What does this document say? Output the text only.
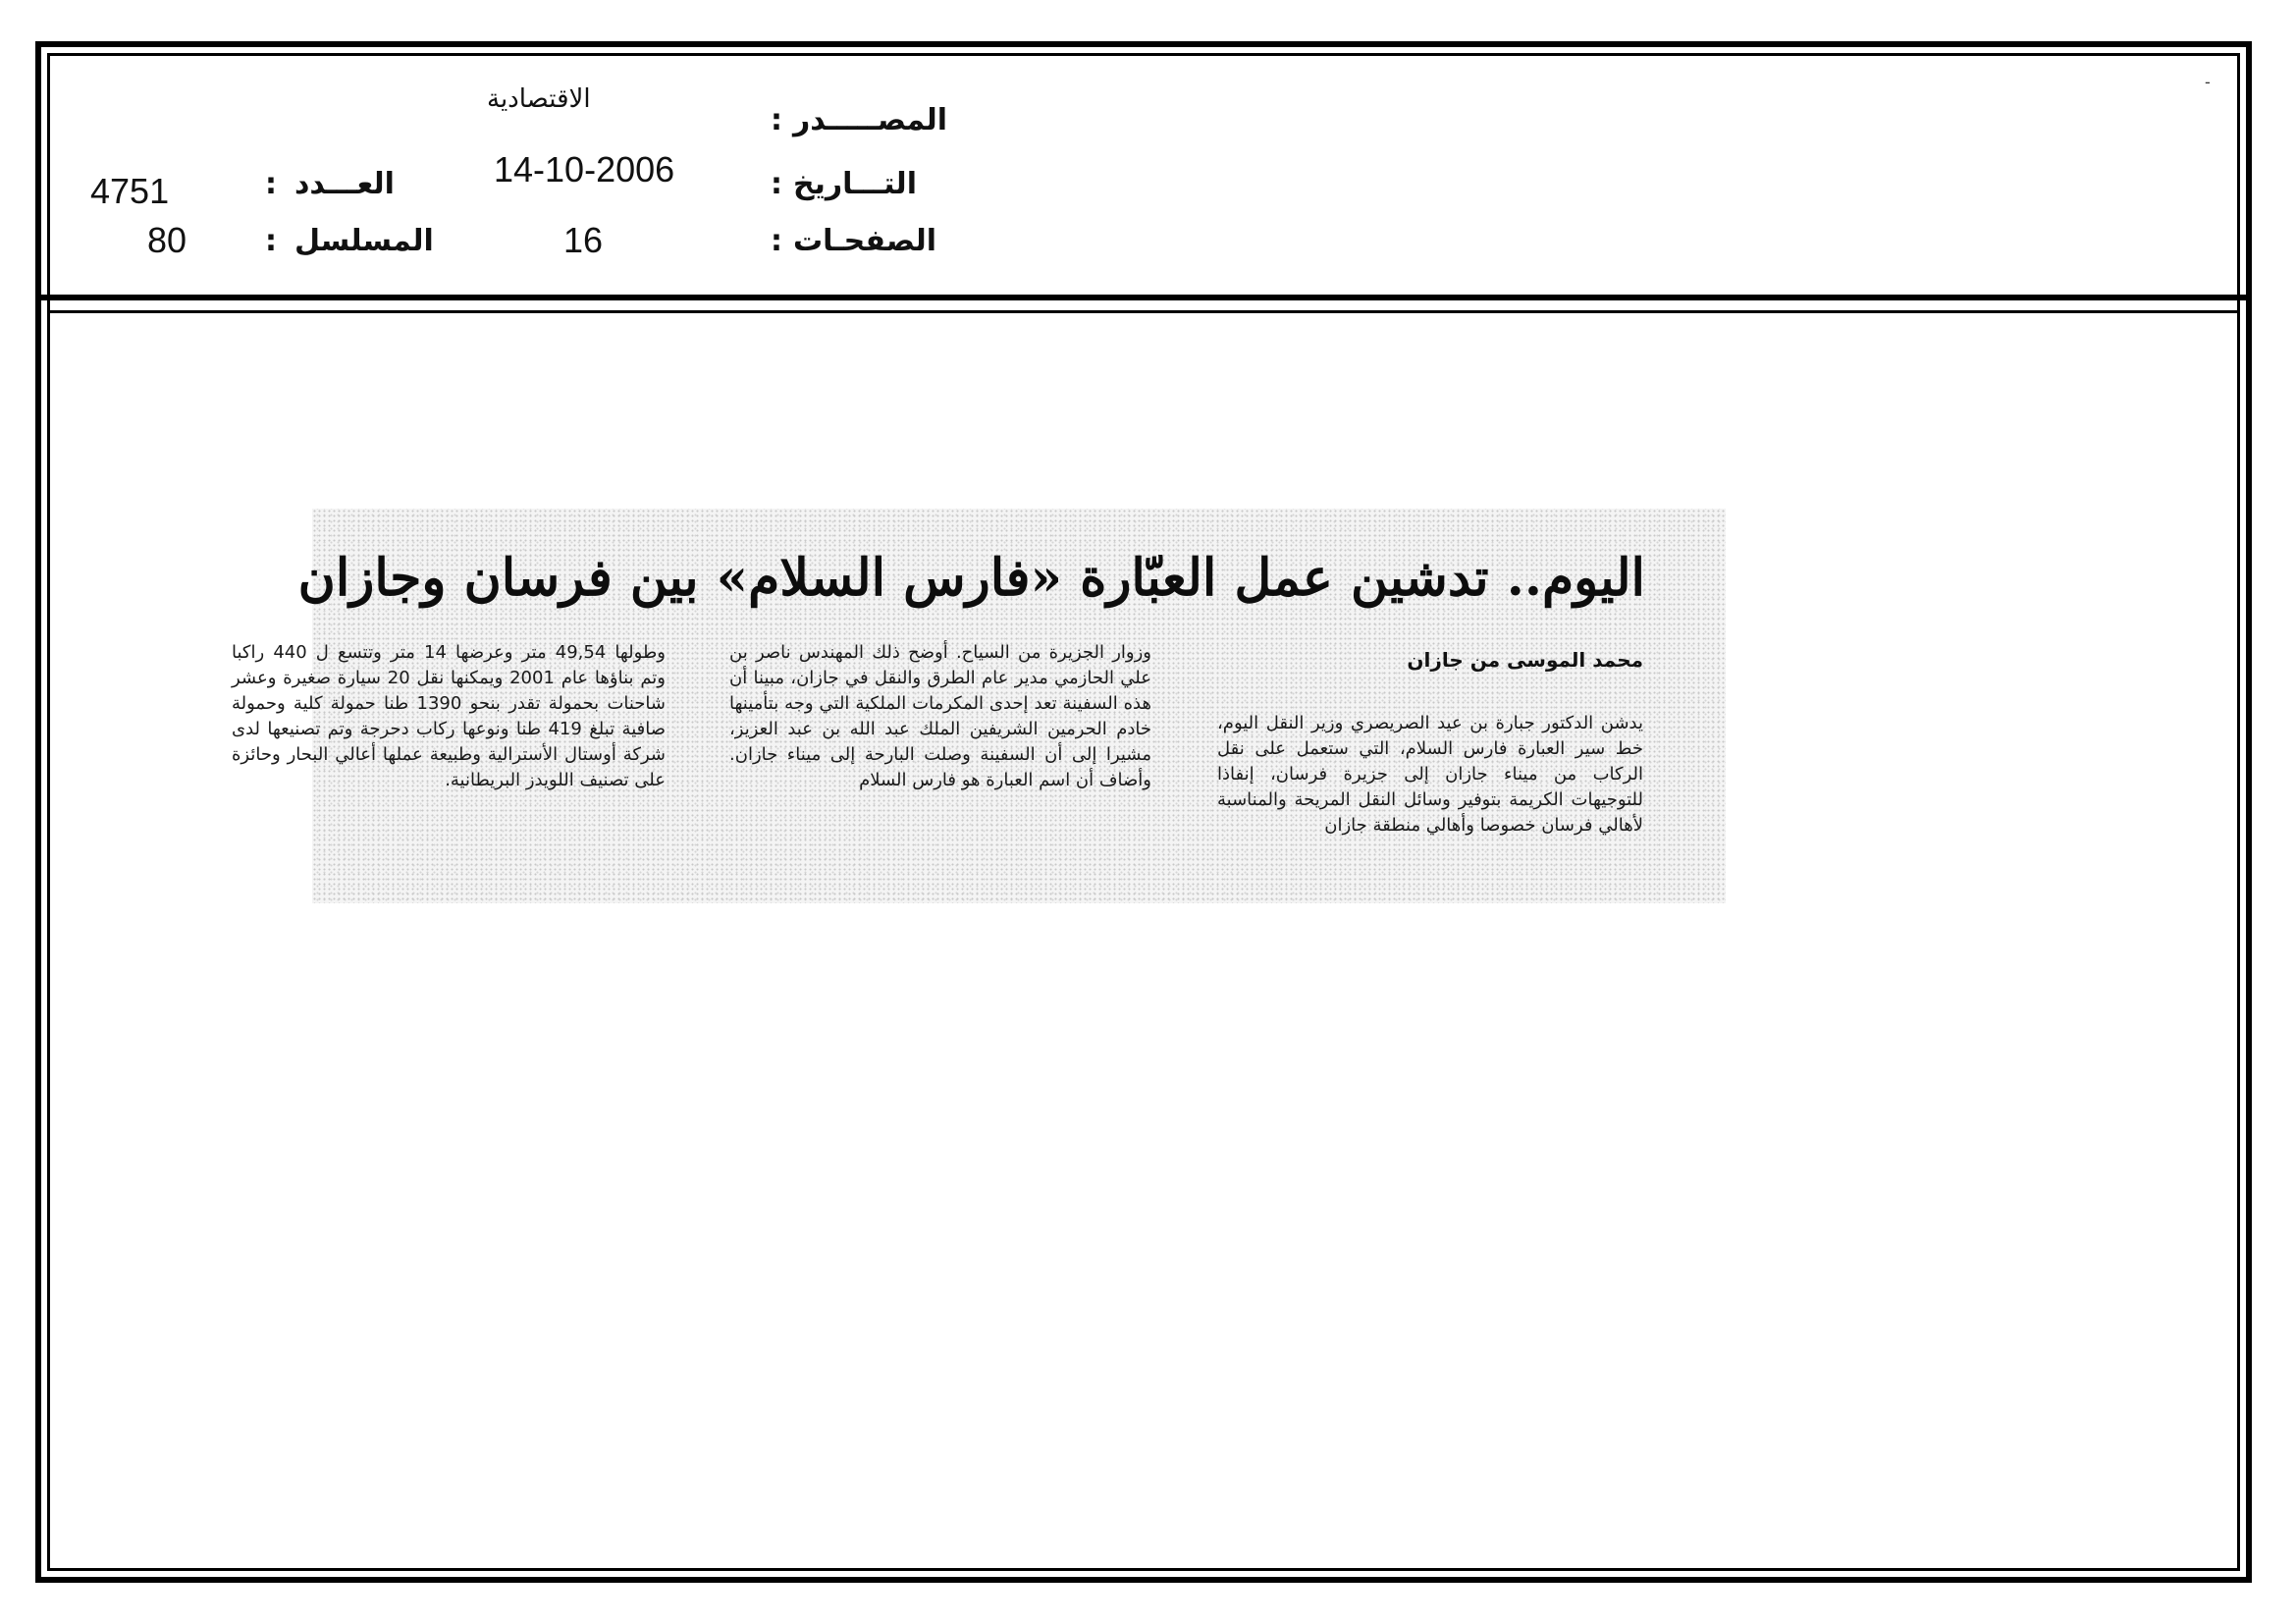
-
المصـــــدر
:
الاقتصادية
التـــاريخ
:
14-10-2006
الصفحـات
:
16
العـــدد
:
4751
المسلسل
:
80
اليوم.. تدشين عمل العبّارة «فارس السلام» بين فرسان وجازان
محمد الموسى من جازان

يدشن الدكتور جبارة بن عيد الصريصري وزير النقل اليوم، خط سير العبارة فارس السلام، التي ستعمل على نقل الركاب من ميناء جازان إلى جزيرة فرسان، إنفاذا للتوجيهات الكريمة بتوفير وسائل النقل المريحة والمناسبة لأهالي فرسان خصوصا وأهالي منطقة جازان

وزوار الجزيرة من السياح. أوضح ذلك المهندس ناصر بن علي الحازمي مدير عام الطرق والنقل في جازان، مبينا أن هذه السفينة تعد إحدى المكرمات الملكية التي وجه بتأمينها خادم الحرمين الشريفين الملك عبد الله بن عبد العزيز، مشيرا إلى أن السفينة وصلت البارحة إلى ميناء جازان. وأضاف أن اسم العبارة هو فارس السلام

وطولها 49,54 متر وعرضها 14 متر وتتسع ل 440 راكبا وتم بناؤها عام 2001 ويمكنها نقل 20 سيارة صغيرة وعشر شاحنات بحمولة تقدر بنحو 1390 طنا حمولة كلية وحمولة صافية تبلغ 419 طنا ونوعها ركاب دحرجة وتم تصنيعها لدى شركة أوستال الأسترالية وطبيعة عملها أعالي البحار وحائزة على تصنيف اللويدز البريطانية.
